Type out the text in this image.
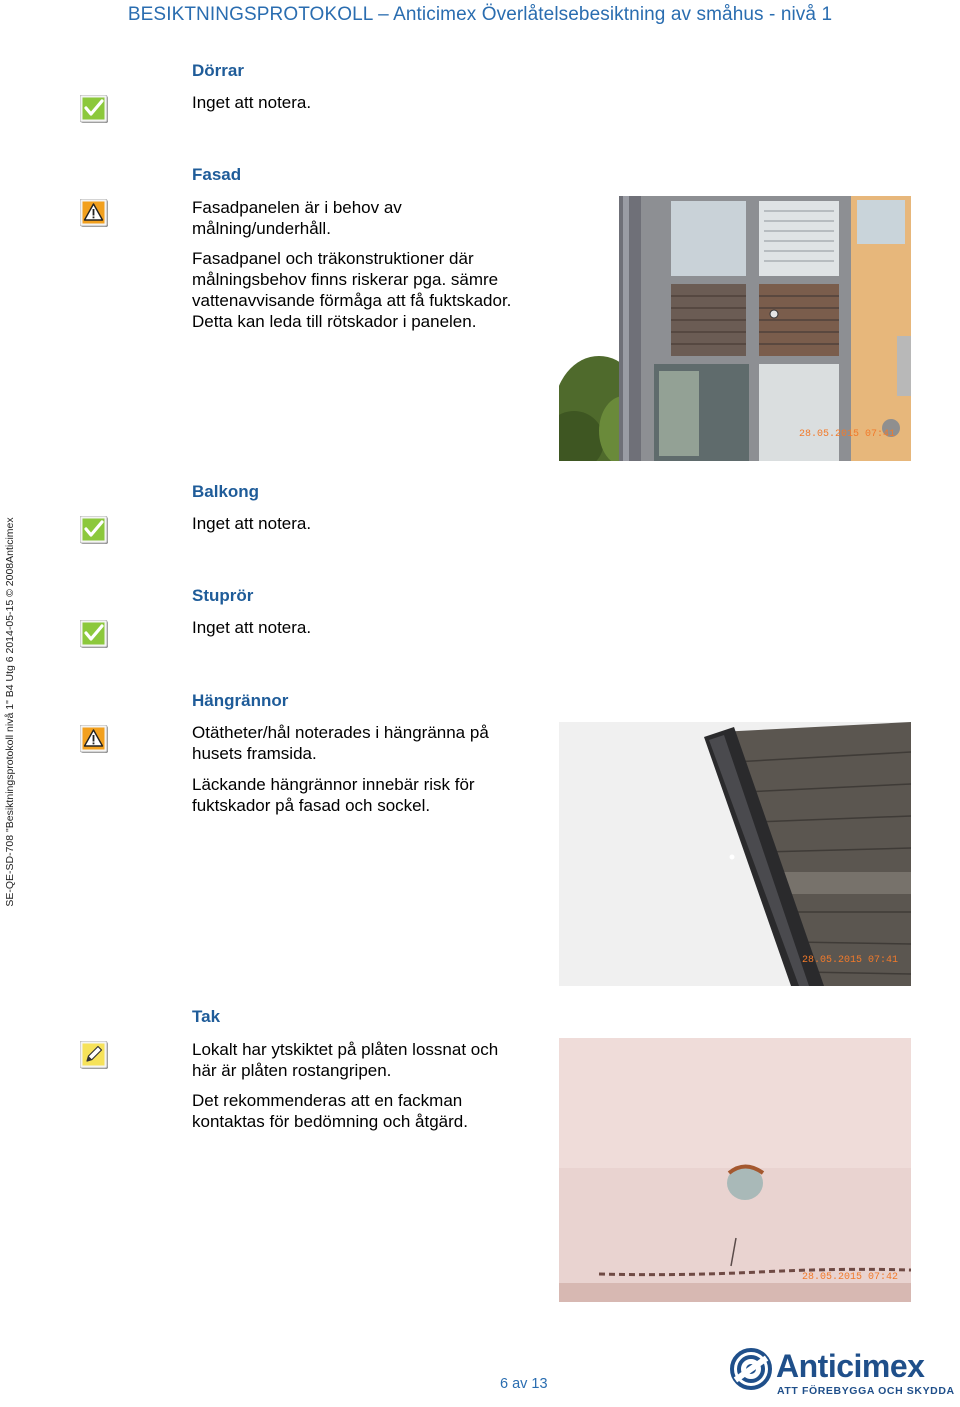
BESIKTNINGSPROTOKOLL – Anticimex Överlåtelsebesiktning av småhus - nivå 1
SE-QE-SD-708 "Besiktningsprotokoll nivå 1" B4 Utg 6 2014-05-15 © 2008Anticimex
Dörrar
Inget att notera.
Fasad
Fasadpanelen är i behov av
målning/underhåll.
Fasadpanel och träkonstruktioner där
målningsbehov finns riskerar pga. sämre
vattenavvisande förmåga att få fuktskador.
Detta kan leda till rötskador i panelen.
28.05.2015 07:41
Balkong
Inget att notera.
Stuprör
Inget att notera.
Hängrännor
Otätheter/hål noterades i hängränna på
husets framsida.
Läckande hängrännor innebär risk för
fuktskador på fasad och sockel.
28.05.2015 07:41
Tak
Lokalt har ytskiktet på plåten lossnat och
här är plåten rostangripen.
Det rekommenderas att en fackman
kontaktas för bedömning och åtgärd.
28.05.2015 07:42
6 av 13	Anticimex
ATT FÖREBYGGA OCH SKYDDA
